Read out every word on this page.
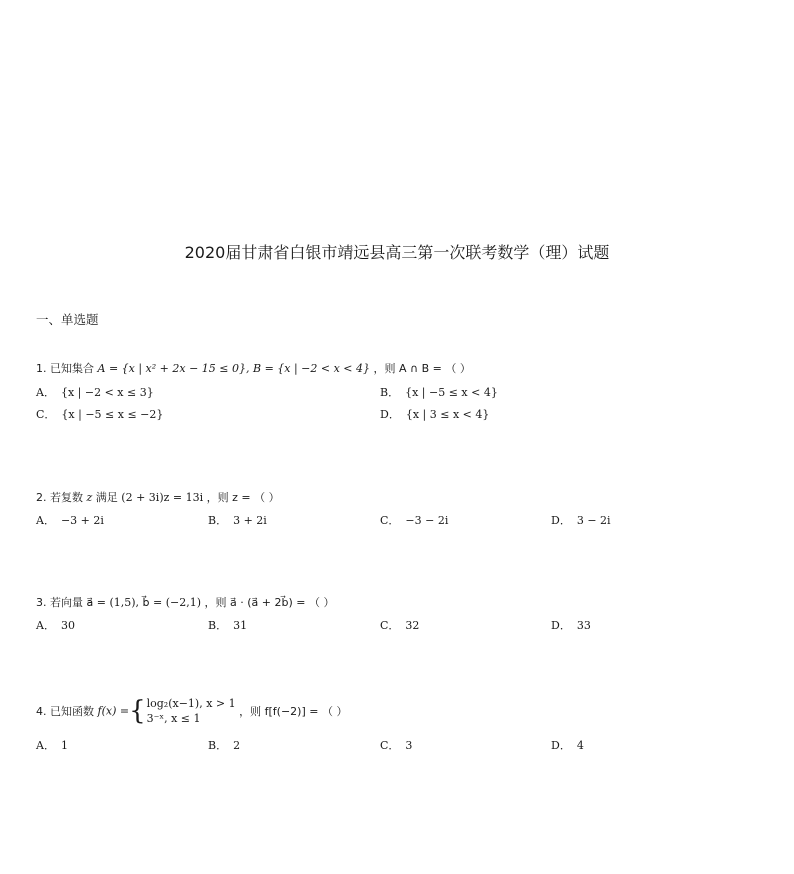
2020届甘肃省白银市靖远县高三第一次联考数学（理）试题
一、单选题
1. 已知集合 A = {x | x² + 2x − 15 ≤ 0}, B = {x | −2 < x < 4} ，则 A ∩ B = （ ）
A． {x | −2 < x ≤ 3}	B． {x | −5 ≤ x < 4}
C． {x | −5 ≤ x ≤ −2}	D． {x | 3 ≤ x < 4}
2. 若复数 z 满足 (2 + 3i)z = 13i ，则 z = （ ）
A． −3 + 2i	B． 3 + 2i	C． −3 − 2i	D． 3 − 2i
3. 若向量 a⃗ = (1,5), b⃗ = (−2,1) ，则 a⃗ · (a⃗ + 2b⃗) = （ ）
A． 30	B． 31	C． 32	D． 33
4. 已知函数 f(x) ={log₂(x−1), x > 1
3⁻ˣ, x ≤ 1 ，则 f[f(−2)] = （ ）
A． 1	B． 2	C． 3	D． 4
